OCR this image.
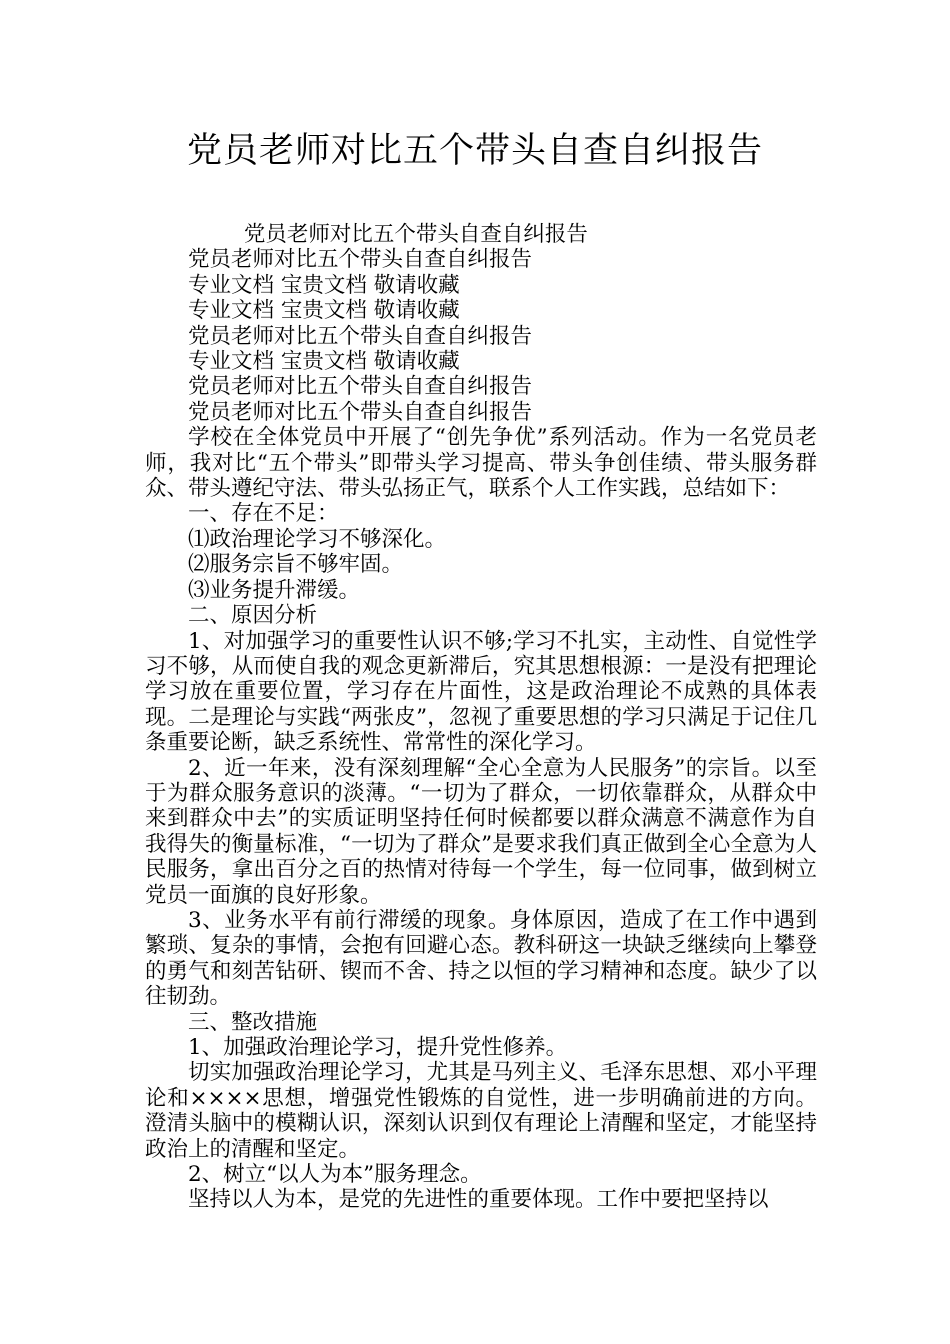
党员老师对比五个带头自查自纠报告

党员老师对比五个带头自查自纠报告

党员老师对比五个带头自查自纠报告

专业文档 宝贵文档 敬请收藏

专业文档 宝贵文档 敬请收藏

党员老师对比五个带头自查自纠报告

专业文档 宝贵文档 敬请收藏

党员老师对比五个带头自查自纠报告

党员老师对比五个带头自查自纠报告

学校在全体党员中开展了“创先争优”系列活动。作为一名党员老师，我对比“五个带头”即带头学习提高、带头争创佳绩、带头服务群众、带头遵纪守法、带头弘扬正气，联系个人工作实践，总结如下：

一、存在不足：

⑴政治理论学习不够深化。

⑵服务宗旨不够牢固。

⑶业务提升滞缓。

二、原因分析

1、对加强学习的重要性认识不够;学习不扎实，主动性、自觉性学习不够，从而使自我的观念更新滞后，究其思想根源：一是没有把理论学习放在重要位置，学习存在片面性，这是政治理论不成熟的具体表现。二是理论与实践“两张皮”，忽视了重要思想的学习只满足于记住几条重要论断，缺乏系统性、常常性的深化学习。

2、近一年来，没有深刻理解“全心全意为人民服务”的宗旨。以至于为群众服务意识的淡薄。“一切为了群众，一切依靠群众，从群众中来到群众中去”的实质证明坚持任何时候都要以群众满意不满意作为自我得失的衡量标准，“一切为了群众”是要求我们真正做到全心全意为人民服务，拿出百分之百的热情对待每一个学生，每一位同事，做到树立党员一面旗的良好形象。

3、业务水平有前行滞缓的现象。身体原因，造成了在工作中遇到繁琐、复杂的事情，会抱有回避心态。教科研这一块缺乏继续向上攀登的勇气和刻苦钻研、锲而不舍、持之以恒的学习精神和态度。缺少了以往韧劲。

三、整改措施

1、加强政治理论学习，提升党性修养。

切实加强政治理论学习，尤其是马列主义、毛泽东思想、邓小平理论和××××思想，增强党性锻炼的自觉性，进一步明确前进的方向。澄清头脑中的模糊认识，深刻认识到仅有理论上清醒和坚定，才能坚持政治上的清醒和坚定。

2、树立“以人为本”服务理念。

坚持以人为本，是党的先进性的重要体现。工作中要把坚持以
